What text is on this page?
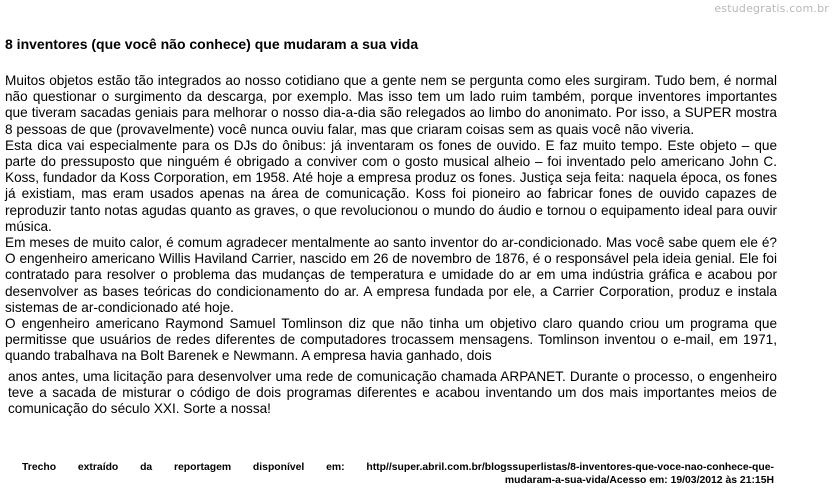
estudegratis.com.br
8 inventores (que você não conhece) que mudaram a sua vida

Muitos objetos estão tão integrados ao nosso cotidiano que a gente nem se pergunta como eles surgiram. Tudo bem, é normal não questionar o surgimento da descarga, por exemplo. Mas isso tem um lado ruim também, porque inventores importantes que tiveram sacadas geniais para melhorar o nosso dia-a-dia são relegados ao limbo do anonimato. Por isso, a SUPER mostra 8 pessoas de que (provavelmente) você nunca ouviu falar, mas que criaram coisas sem as quais você não viveria.

Esta dica vai especialmente para os DJs do ônibus: já inventaram os fones de ouvido. E faz muito tempo. Este objeto – que parte do pressuposto que ninguém é obrigado a conviver com o gosto musical alheio – foi inventado pelo americano John C. Koss, fundador da Koss Corporation, em 1958. Até hoje a empresa produz os fones. Justiça seja feita: naquela época, os fones já existiam, mas eram usados apenas na área de comunicação. Koss foi pioneiro ao fabricar fones de ouvido capazes de reproduzir tanto notas agudas quanto as graves, o que revolucionou o mundo do áudio e tornou o equipamento ideal para ouvir música.

Em meses de muito calor, é comum agradecer mentalmente ao santo inventor do ar-condicionado. Mas você sabe quem ele é? O engenheiro americano Willis Haviland Carrier, nascido em 26 de novembro de 1876, é o responsável pela ideia genial. Ele foi contratado para resolver o problema das mudanças de temperatura e umidade do ar em uma indústria gráfica e acabou por desenvolver as bases teóricas do condicionamento do ar. A empresa fundada por ele, a Carrier Corporation, produz e instala sistemas de ar-condicionado até hoje.

O engenheiro americano Raymond Samuel Tomlinson diz que não tinha um objetivo claro quando criou um programa que permitisse que usuários de redes diferentes de computadores trocassem mensagens. Tomlinson inventou o e-mail, em 1971, quando trabalhava na Bolt Barenek e Newmann. A empresa havia ganhado, dois

anos antes, uma licitação para desenvolver uma rede de comunicação chamada ARPANET. Durante o processo, o engenheiro teve a sacada de misturar o código de dois programas diferentes e acabou inventando um dos mais importantes meios de comunicação do século XXI. Sorte a nossa!

Trecho extraído da reportagem disponível em: http//super.abril.com.br/blogssuperlistas/8-inventores-que-voce-nao-conhece-que-
mudaram-a-sua-vida/Acesso em: 19/03/2012 às 21:15H
